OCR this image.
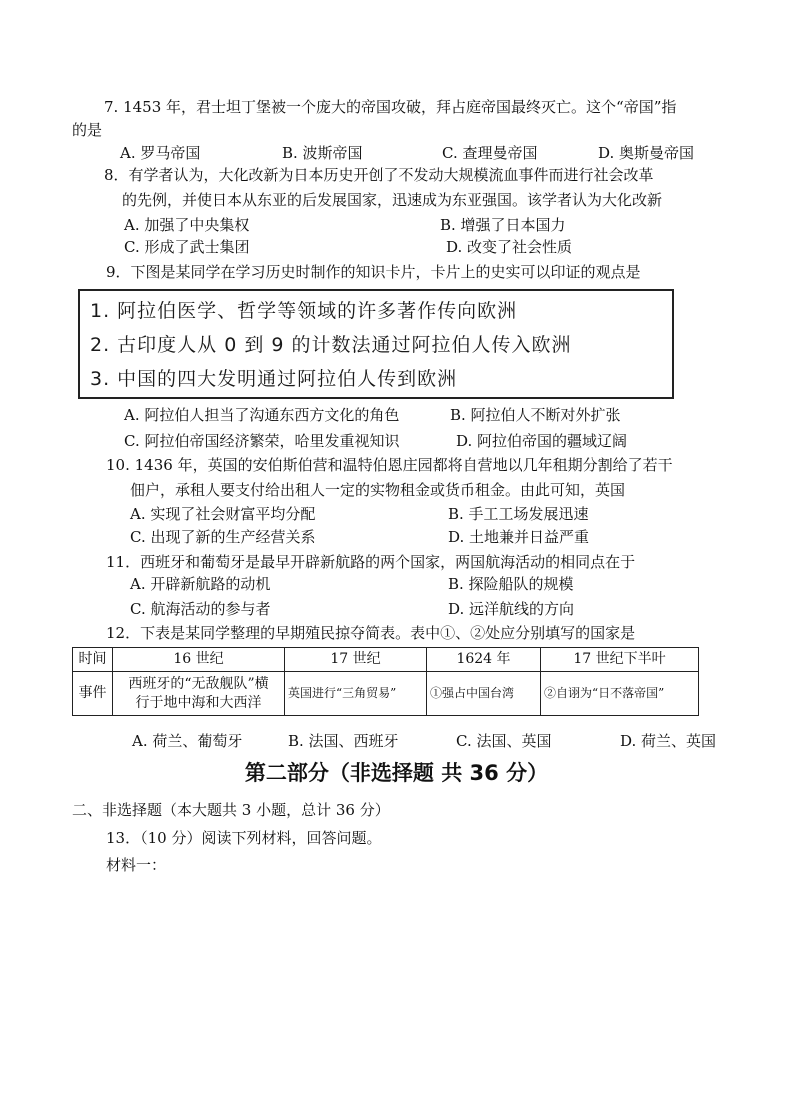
7. 1453 年，君士坦丁堡被一个庞大的帝国攻破，拜占庭帝国最终灭亡。这个“帝国”指
的是
A. 罗马帝国	B. 波斯帝国	C. 查理曼帝国	D. 奥斯曼帝国
8．有学者认为，大化改新为日本历史开创了不发动大规模流血事件而进行社会改革
的先例，并使日本从东亚的后发展国家，迅速成为东亚强国。该学者认为大化改新
A. 加强了中央集权	B. 增强了日本国力
C. 形成了武士集团	D. 改变了社会性质
9．下图是某同学在学习历史时制作的知识卡片，卡片上的史实可以印证的观点是
1. 阿拉伯医学、哲学等领域的许多著作传向欧洲
2. 古印度人从 0 到 9 的计数法通过阿拉伯人传入欧洲
3. 中国的四大发明通过阿拉伯人传到欧洲
A. 阿拉伯人担当了沟通东西方文化的角色	B. 阿拉伯人不断对外扩张
C. 阿拉伯帝国经济繁荣，哈里发重视知识	D. 阿拉伯帝国的疆域辽阔
10. 1436 年，英国的安伯斯伯营和温特伯恩庄园都将自营地以几年租期分割给了若干
佃户，承租人要支付给出租人一定的实物租金或货币租金。由此可知，英国
A. 实现了社会财富平均分配	B. 手工工场发展迅速
C. 出现了新的生产经营关系	D. 土地兼并日益严重
11．西班牙和葡萄牙是最早开辟新航路的两个国家，两国航海活动的相同点在于
A. 开辟新航路的动机	B. 探险船队的规模
C. 航海活动的参与者	D. 远洋航线的方向
12．下表是某同学整理的早期殖民掠夺简表。表中①、②处应分别填写的国家是
时间	16 世纪	17 世纪	1624 年	17 世纪下半叶
事件	西班牙的“无敌舰队”横
行于地中海和大西洋	英国进行“三角贸易”	①强占中国台湾	②自诩为“日不落帝国”
A. 荷兰、葡萄牙	B. 法国、西班牙	C. 法国、英国	D. 荷兰、英国
第二部分（非选择题 共 36 分）
二、非选择题（本大题共 3 小题，总计 36 分）
13．（10 分）阅读下列材料，回答问题。
材料一：
